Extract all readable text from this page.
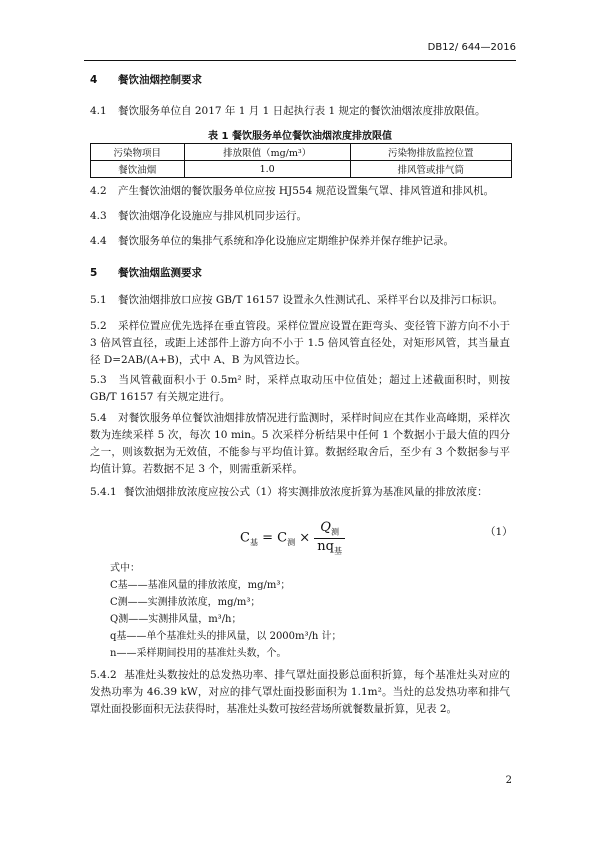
DB12/ 644—2016
4 餐饮油烟控制要求
4.1 餐饮服务单位自 2017 年 1 月 1 日起执行表 1 规定的餐饮油烟浓度排放限值。
表 1 餐饮服务单位餐饮油烟浓度排放限值
污染物项目	排放限值（mg/m³）	污染物排放监控位置
餐饮油烟	1.0	排风管或排气筒
4.2 产生餐饮油烟的餐饮服务单位应按 HJ554 规范设置集气罩、排风管道和排风机。
4.3 餐饮油烟净化设施应与排风机同步运行。
4.4 餐饮服务单位的集排气系统和净化设施应定期维护保养并保存维护记录。
5 餐饮油烟监测要求
5.1 餐饮油烟排放口应按 GB/T 16157 设置永久性测试孔、采样平台以及排污口标识。
5.2 采样位置应优先选择在垂直管段。采样位置应设置在距弯头、变径管下游方向不小于 3 倍风管直径，或距上述部件上游方向不小于 1.5 倍风管直径处，对矩形风管，其当量直径 D=2AB/(A+B)，式中 A、B 为风管边长。
5.3 当风管截面积小于 0.5m² 时，采样点取动压中位值处；超过上述截面积时，则按 GB/T 16157 有关规定进行。
5.4 对餐饮服务单位餐饮油烟排放情况进行监测时，采样时间应在其作业高峰期，采样次数为连续采样 5 次，每次 10 min。5 次采样分析结果中任何 1 个数据小于最大值的四分之一，则该数据为无效值，不能参与平均值计算。数据经取舍后，至少有 3 个数据参与平均值计算。若数据不足 3 个，则需重新采样。
5.4.1 餐饮油烟排放浓度应按公式（1）将实测排放浓度折算为基准风量的排放浓度：
$C_基 = C_测$ ×
$Q_测$
$nq_基$
（1）
式中：
C基——基准风量的排放浓度，mg/m³；
C测——实测排放浓度，mg/m³；
Q测——实测排风量，m³/h；
q基——单个基准灶头的排风量，以 2000m³/h 计；
n——采样期间投用的基准灶头数，个。
5.4.2 基准灶头数按灶的总发热功率、排气罩灶面投影总面积折算，每个基准灶头对应的发热功率为 46.39 kW，对应的排气罩灶面投影面积为 1.1m²。当灶的总发热功率和排气罩灶面投影面积无法获得时，基准灶头数可按经营场所就餐数量折算，见表 2。
2
